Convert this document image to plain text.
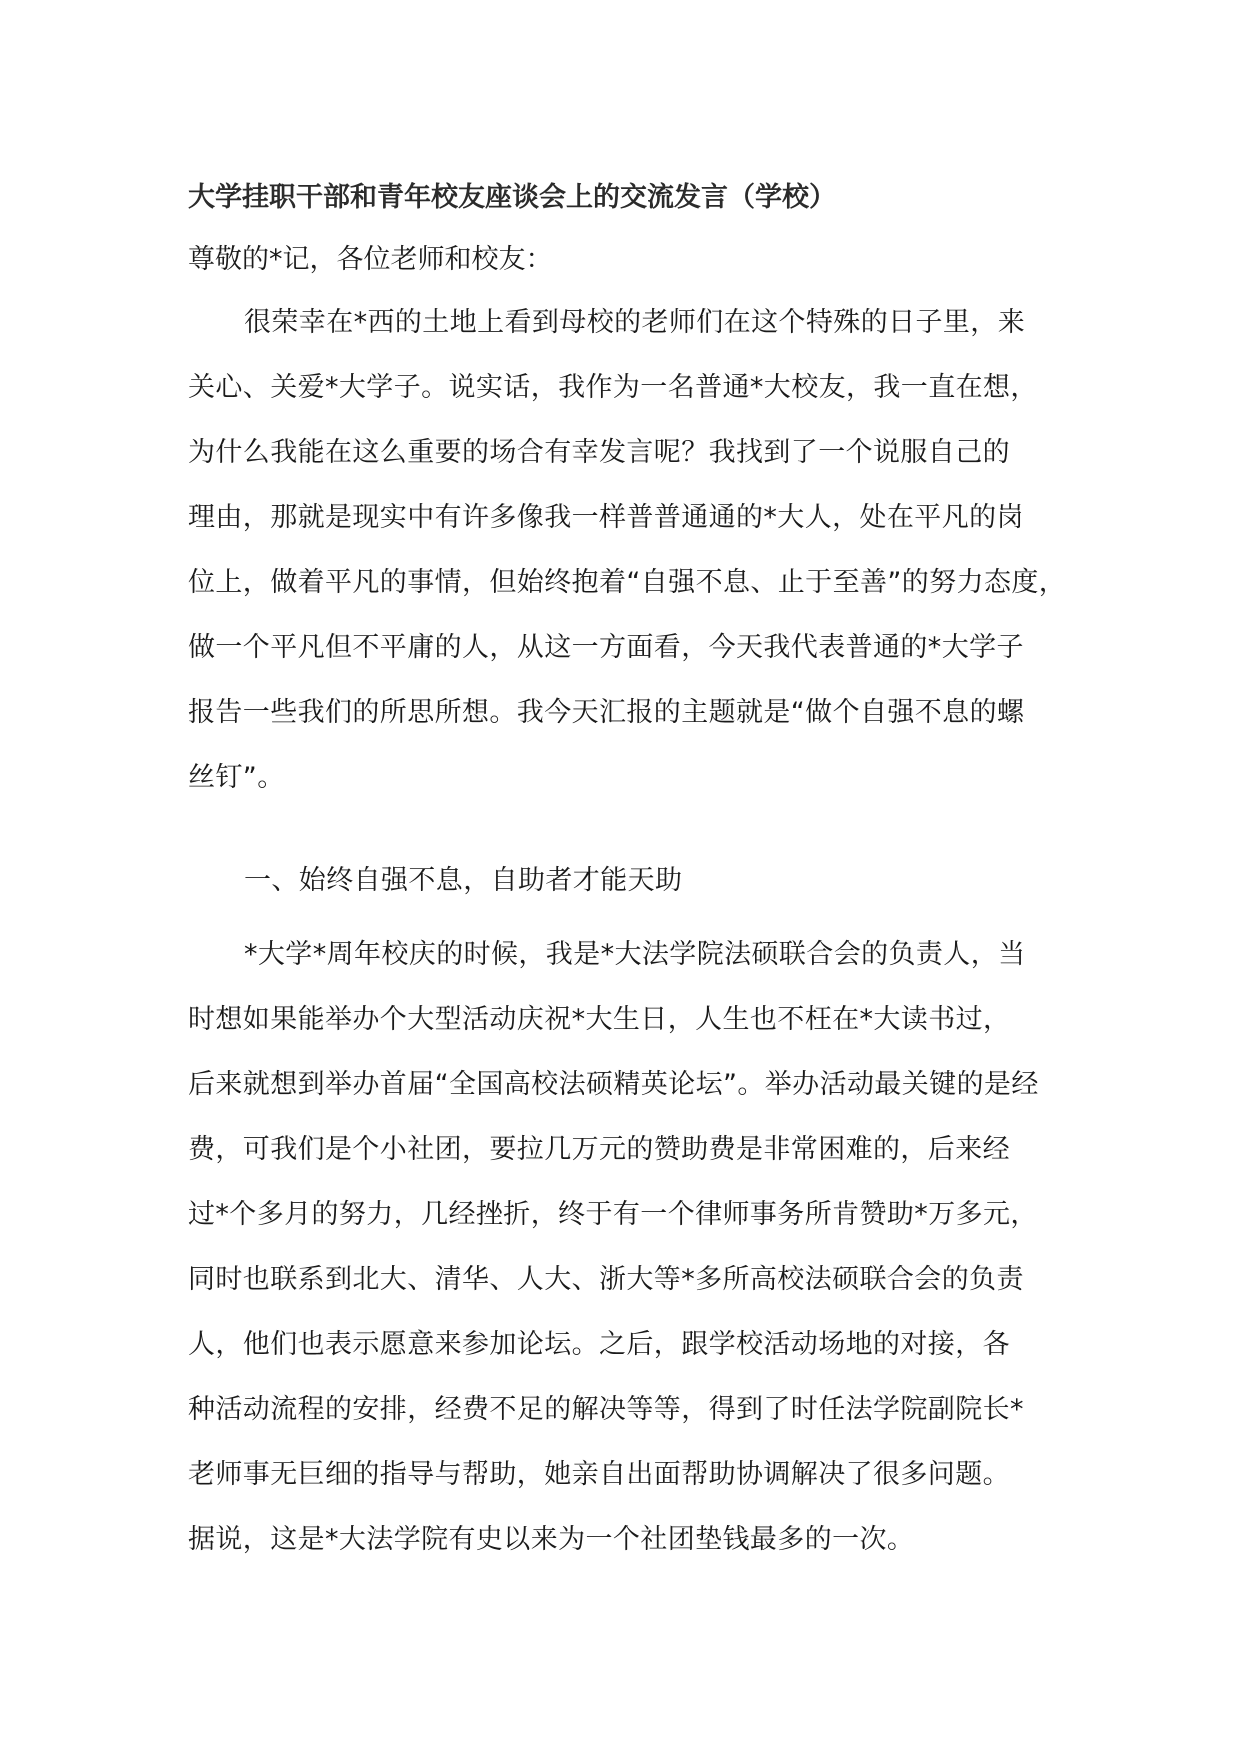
大学挂职干部和青年校友座谈会上的交流发言（学校）

尊敬的*记，各位老师和校友：

很荣幸在*西的土地上看到母校的老师们在这个特殊的日子里，来
关心、关爱*大学子。说实话，我作为一名普通*大校友，我一直在想，
为什么我能在这么重要的场合有幸发言呢？我找到了一个说服自己的
理由，那就是现实中有许多像我一样普普通通的*大人，处在平凡的岗
位上，做着平凡的事情，但始终抱着“自强不息、止于至善”的努力态度，
做一个平凡但不平庸的人，从这一方面看，今天我代表普通的*大学子
报告一些我们的所思所想。我今天汇报的主题就是“做个自强不息的螺
丝钉”。
一、始终自强不息，自助者才能天助
*大学*周年校庆的时候，我是*大法学院法硕联合会的负责人，当
时想如果能举办个大型活动庆祝*大生日，人生也不枉在*大读书过，
后来就想到举办首届“全国高校法硕精英论坛”。举办活动最关键的是经
费，可我们是个小社团，要拉几万元的赞助费是非常困难的，后来经
过*个多月的努力，几经挫折，终于有一个律师事务所肯赞助*万多元，
同时也联系到北大、清华、人大、浙大等*多所高校法硕联合会的负责
人，他们也表示愿意来参加论坛。之后，跟学校活动场地的对接，各
种活动流程的安排，经费不足的解决等等，得到了时任法学院副院长*
老师事无巨细的指导与帮助，她亲自出面帮助协调解决了很多问题。
据说，这是*大法学院有史以来为一个社团垫钱最多的一次。
